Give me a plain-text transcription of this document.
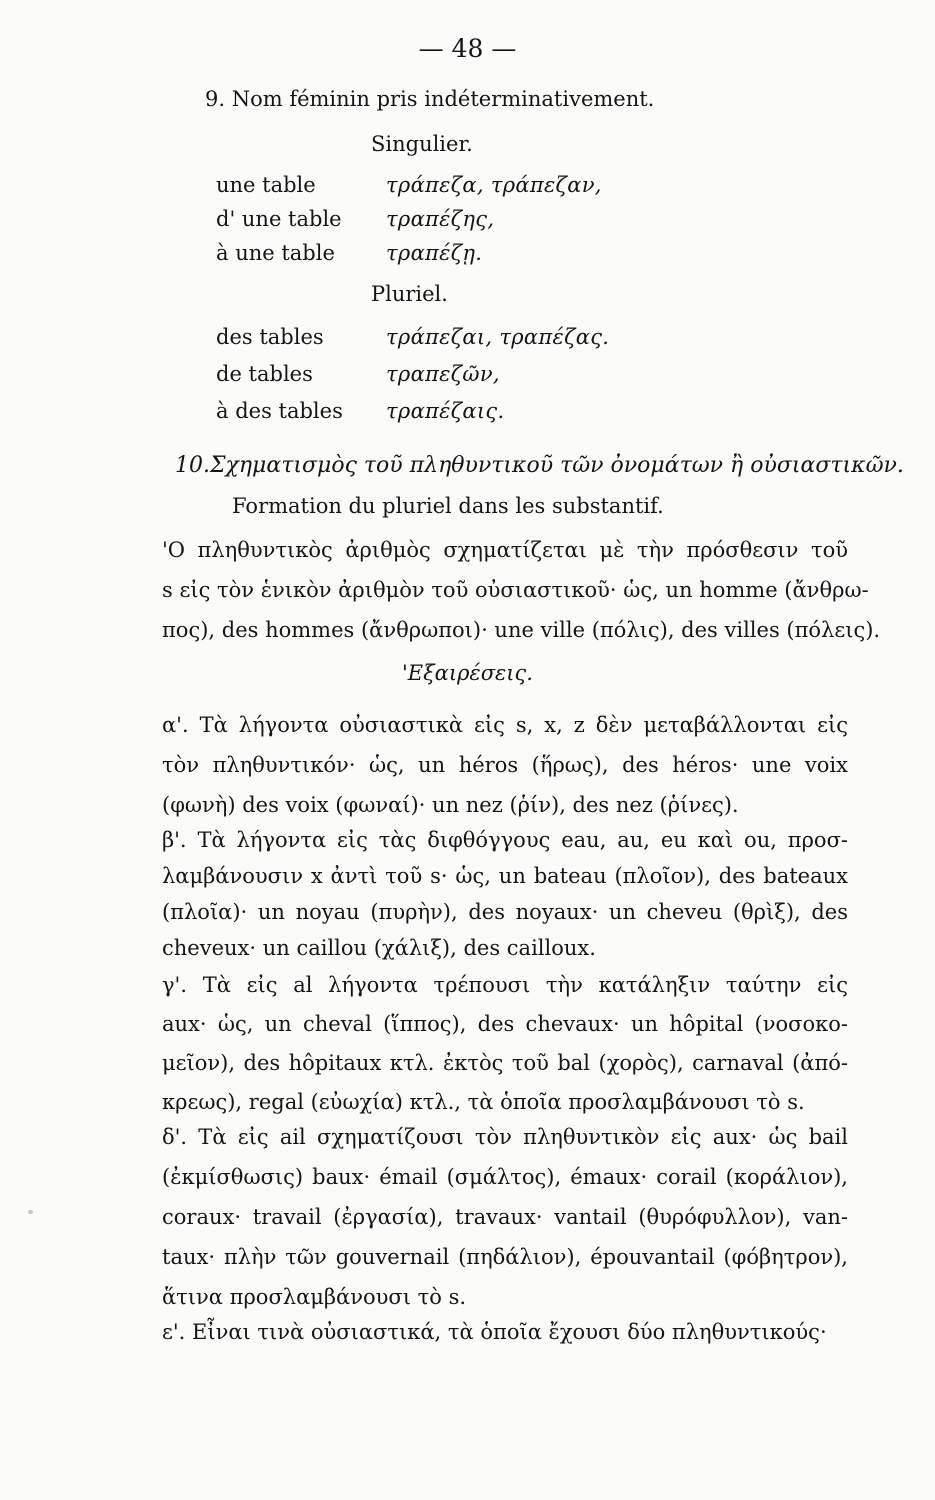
— 48 —
9. Nom féminin pris indéterminativement.
Singulier.
une table	τράπεζα, τράπεζαν,
d' une table τραπέζης,
à une table τραπέζῃ.
Pluriel.
des tables	τράπεζαι, τραπέζας.
de tables	τραπεζῶν,
à des tables τραπέζαις.
10.Σχηματισμὸς τοῦ πληθυντικοῦ τῶν ὀνομάτων ἢ οὐσιαστικῶν.
Formation du pluriel dans les substantif.
'Ο πληθυντικὸς ἀριθμὸς σχηματίζεται μὲ τὴν πρόσθεσιν τοῦ
s εἰς τὸν ἑνικὸν ἀριθμὸν τοῦ οὐσιαστικοῦ· ὡς, un homme (ἄνθρω-
πος), des hommes (ἄνθρωποι)· une ville (πόλις), des villes (πόλεις).
'Εξαιρέσεις.
α'. Τὰ λήγοντα οὐσιαστικὰ εἰς s, x, z δὲν μεταβάλλονται εἰς
τὸν πληθυντικόν· ὡς, un héros (ἥρως), des héros· une voix
(φωνὴ) des voix (φωναί)· un nez (ῥίν), des nez (ῥίνες).
β'. Τὰ λήγοντα εἰς τὰς διφθόγγους eau, au, eu καὶ ou, προσ-
λαμβάνουσιν x ἀντὶ τοῦ s· ὡς, un bateau (πλοῖον), des bateaux
(πλοῖα)· un noyau (πυρὴν), des noyaux· un cheveu (θρὶξ), des
cheveux· un caillou (χάλιξ), des cailloux.
γ'. Τὰ εἰς al λήγοντα τρέπουσι τὴν κατάληξιν ταύτην εἰς
aux· ὡς, un cheval (ἵππος), des chevaux· un hôpital (νοσοκο-
μεῖον), des hôpitaux κτλ. ἐκτὸς τοῦ bal (χορὸς), carnaval (ἀπό-
κρεως), regal (εὐωχία) κτλ., τὰ ὁποῖα προσλαμβάνουσι τὸ s.
δ'. Τὰ εἰς ail σχηματίζουσι τὸν πληθυντικὸν εἰς aux· ὡς bail
(ἐκμίσθωσις) baux· émail (σμάλτος), émaux· corail (κοράλιον),
coraux· travail (ἐργασία), travaux· vantail (θυρόφυλλον), van-
taux· πλὴν τῶν gouvernail (πηδάλιον), épouvantail (φόβητρον),
ἅτινα προσλαμβάνουσι τὸ s.
ε'. Εἶναι τινὰ οὐσιαστικά, τὰ ὁποῖα ἔχουσι δύο πληθυντικούς·
